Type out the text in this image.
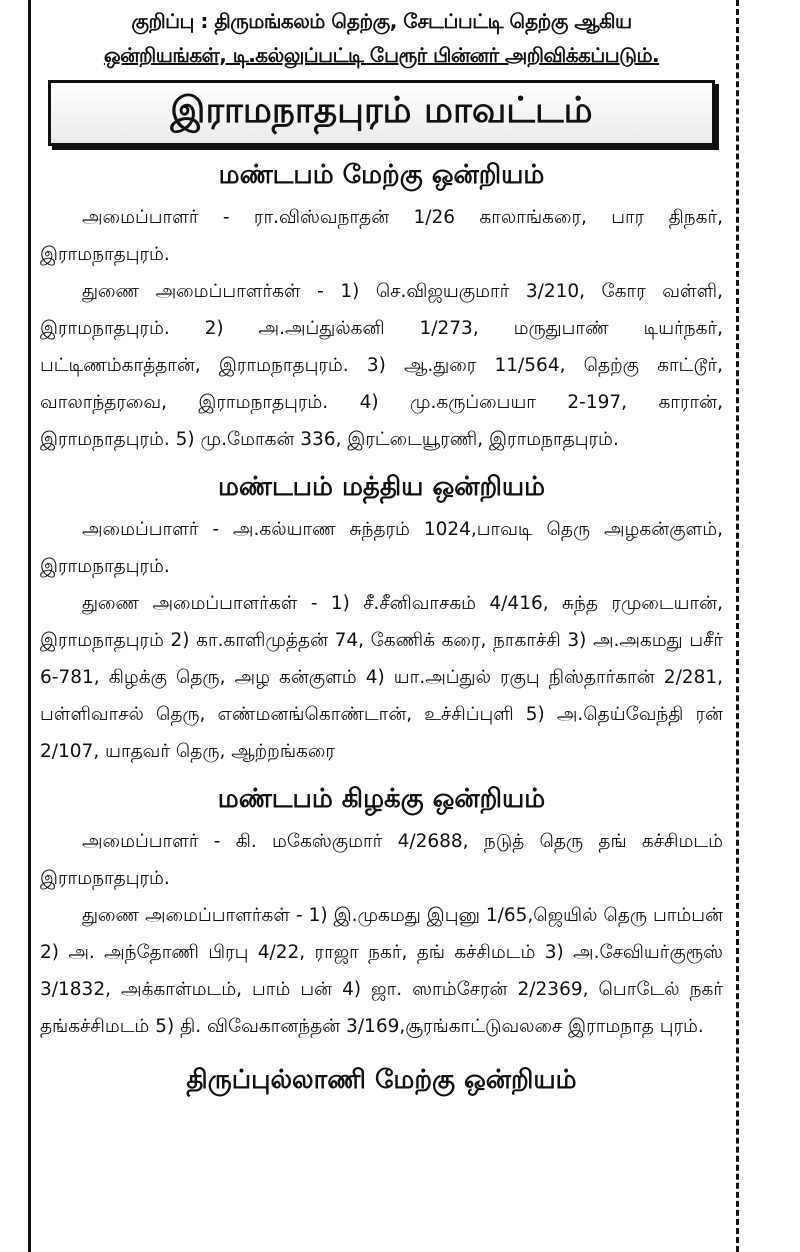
குறிப்பு : திருமங்கலம் தெற்கு, சேடப்பட்டி தெற்கு ஆகிய
ஒன்றியங்கள், டி.கல்லுப்பட்டி பேரூர் பின்னர் அறிவிக்கப்படும்.
இராமநாதபுரம் மாவட்டம்
மண்டபம் மேற்கு ஒன்றியம்

அமைப்பாளர் - ரா.விஸ்வநாதன் 1/26 காலாங்கரை, பார திநகர், இராமநாதபுரம்.

துணை அமைப்பாளர்கள் - 1) செ.விஜயகுமார் 3/210, கோர வள்ளி, இராமநாதபுரம். 2) அ.அப்துல்கனி 1/273, மருதுபாண் டியர்நகர், பட்டிணம்காத்தான், இராமநாதபுரம். 3) ஆ.துரை 11/564, தெற்கு காட்டூர், வாலாந்தரவை, இராமநாதபுரம். 4) மு.கருப்பையா 2-197, காரான், இராமநாதபுரம். 5) மு.மோகன் 336, இரட்டையூரணி, இராமநாதபுரம்.

மண்டபம் மத்திய ஒன்றியம்

அமைப்பாளர் - அ.கல்யாண சுந்தரம் 1024,பாவடி தெரு அழகன்குளம், இராமநாதபுரம்.

துணை அமைப்பாளர்கள் - 1) சீ.சீனிவாசகம் 4/416, சுந்த ரமுடையான், இராமநாதபுரம் 2) கா.காளிமுத்தன் 74, கேணிக் கரை, நாகாச்சி 3) அ.அகமது பசீர் 6-781, கிழக்கு தெரு, அழ கன்குளம் 4) யா.அப்துல் ரகுபு நிஸ்தார்கான் 2/281, பள்ளிவாசல் தெரு, எண்மனங்கொண்டான், உச்சிப்புளி 5) அ.தெய்வேந்தி ரன் 2/107, யாதவர் தெரு, ஆற்றங்கரை

மண்டபம் கிழக்கு ஒன்றியம்

அமைப்பாளர் - கி. மகேஸ்குமார் 4/2688, நடுத் தெரு தங் கச்சிமடம் இராமநாதபுரம்.

துணை அமைப்பாளர்கள் - 1) இ.முகமது இபுனு 1/65,ஜெயில் தெரு பாம்பன் 2) அ. அந்தோணி பிரபு 4/22, ராஜா நகர், தங் கச்சிமடம் 3) அ.சேவியர்குரூஸ் 3/1832, அக்காள்மடம், பாம் பன் 4) ஜா. ஸாம்சேரன் 2/2369, பொடேல் நகர் தங்கச்சிமடம் 5) தி. விவேகானந்தன் 3/169,சூரங்காட்டுவலசை இராமநாத புரம்.

திருப்புல்லாணி மேற்கு ஒன்றியம்
